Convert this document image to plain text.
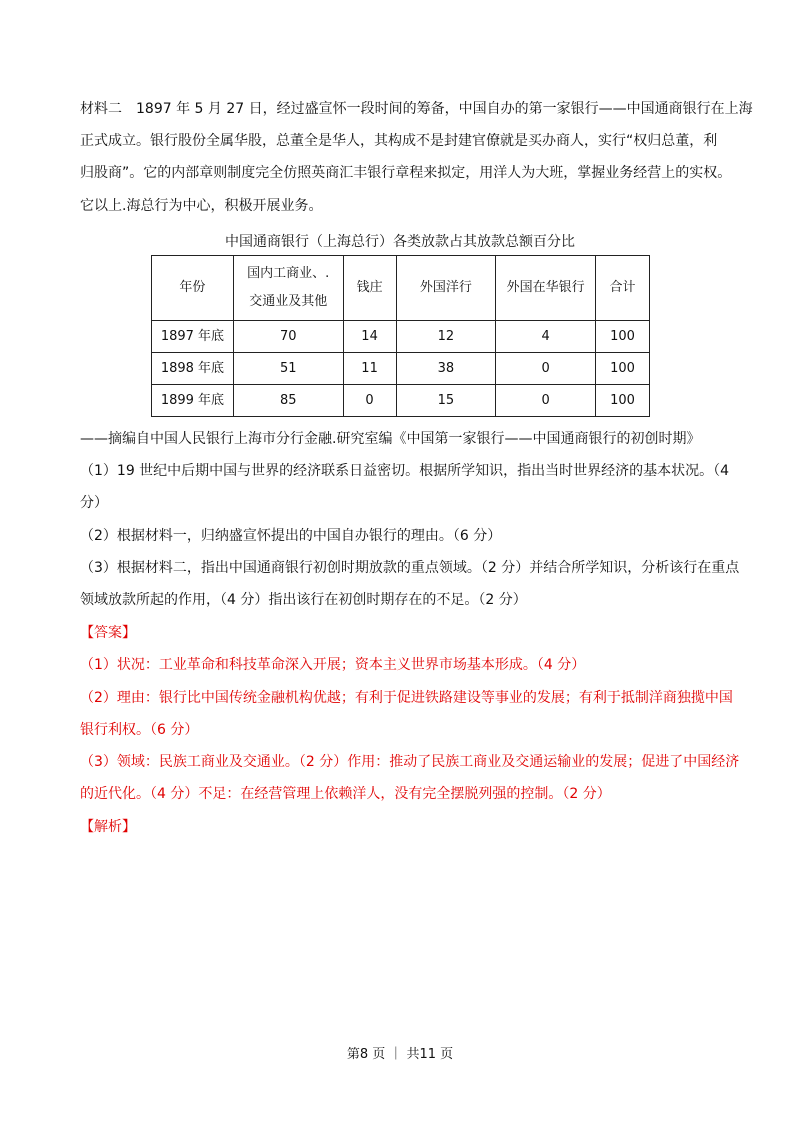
材料二　1897 年 5 月 27 日，经过盛宣怀一段时间的筹备，中国自办的第一家银行——中国通商银行在上海
正式成立。银行股份全属华股，总董全是华人，其构成不是封建官僚就是买办商人，实行“权归总董，利
归股商”。它的内部章则制度完全仿照英商汇丰银行章程来拟定，用洋人为大班，掌握业务经营上的实权。
它以上.海总行为中心，积极开展业务。
中国通商银行（上海总行）各类放款占其放款总额百分比
年份	国内工商业、.
交通业及其他	钱庄	外国洋行	外国在华银行	合计
1897 年底	70	14	12	4	100
1898 年底	51	11	38	0	100
1899 年底	85	0	15	0	100
——摘编自中国人民银行上海市分行金融.研究室编《中国第一家银行——中国通商银行的初创时期》
（1）19 世纪中后期中国与世界的经济联系日益密切。根据所学知识，指出当时世界经济的基本状况。（4
分）
（2）根据材料一，归纳盛宣怀提出的中国自办银行的理由。（6 分）
（3）根据材料二，指出中国通商银行初创时期放款的重点领域。（2 分）并结合所学知识，分析该行在重点
领域放款所起的作用，（4 分）指出该行在初创时期存在的不足。（2 分）
【答案】
（1）状况：工业革命和科技革命深入开展；资本主义世界市场基本形成。（4 分）
（2）理由：银行比中国传统金融机构优越；有利于促进铁路建设等事业的发展；有利于抵制洋商独揽中国
银行利权。（6 分）
（3）领域：民族工商业及交通业。（2 分）作用：推动了民族工商业及交通运输业的发展；促进了中国经济
的近代化。（4 分）不足：在经营管理上依赖洋人，没有完全摆脱列强的控制。（2 分）
【解析】
第8 页 ｜ 共11 页
